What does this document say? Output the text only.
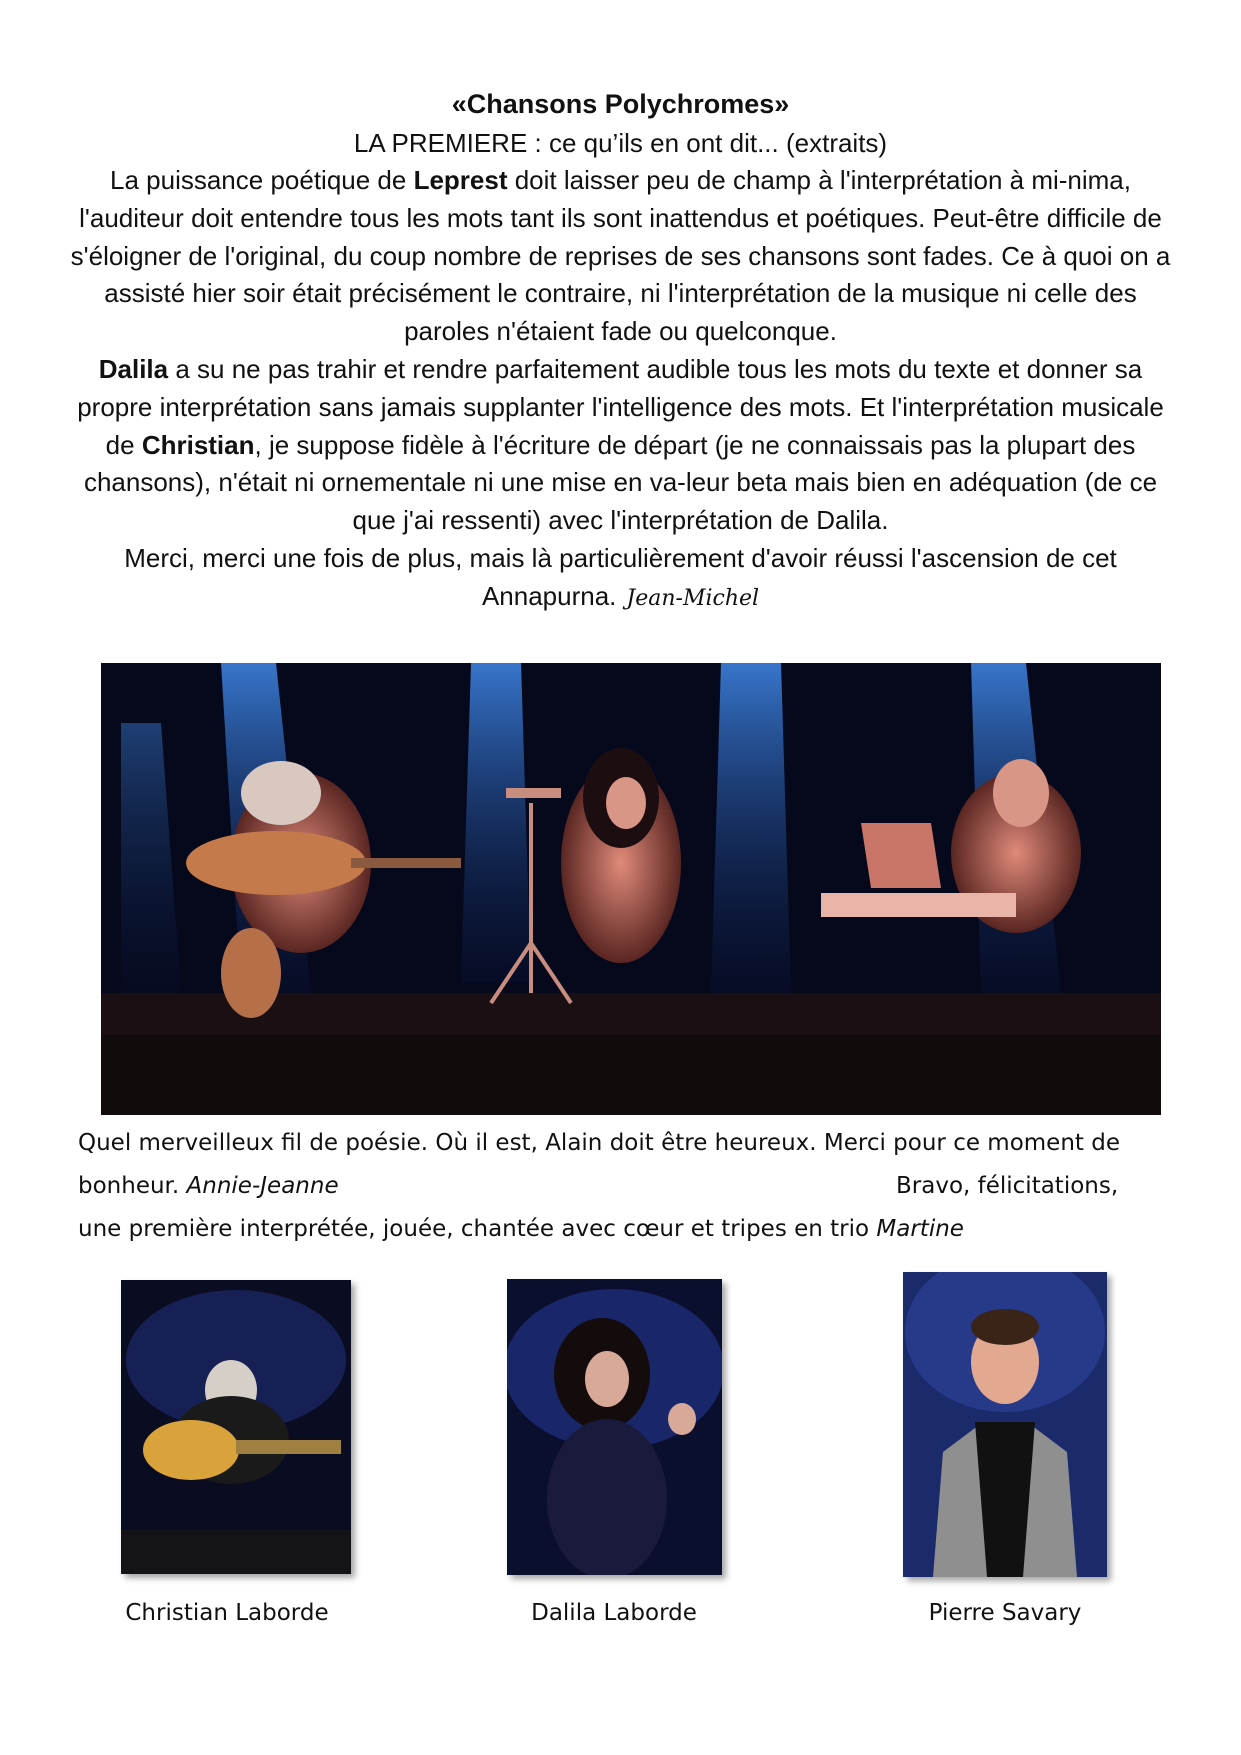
«Chansons Polychromes»
LA PREMIERE : ce qu’ils en ont dit... (extraits)
La puissance poétique de Leprest doit laisser peu de champ à l'interprétation à mi-nima, l'auditeur doit entendre tous les mots tant ils sont inattendus et poétiques. Peut-être difficile de s'éloigner de l'original, du coup nombre de reprises de ses chansons sont fades. Ce à quoi on a assisté hier soir était précisément le contraire, ni l'interprétation de la musique ni celle des paroles n'étaient fade ou quelconque.
Dalila a su ne pas trahir et rendre parfaitement audible tous les mots du texte et donner sa propre interprétation sans jamais supplanter l'intelligence des mots. Et l'interprétation musicale de Christian, je suppose fidèle à l'écriture de départ (je ne connaissais pas la plupart des chansons), n'était ni ornementale ni une mise en va-leur beta mais bien en adéquation (de ce que j'ai ressenti) avec l'interprétation de Dalila.
Merci, merci une fois de plus, mais là particulièrement d'avoir réussi l'ascension de cet Annapurna. Jean-Michel
Quel merveilleux fil de poésie. Où il est, Alain doit être heureux. Merci pour ce moment de
bonheur. Annie-Jeanne	Bravo, félicitations,
une première interprétée, jouée, chantée avec cœur et tripes en trio Martine
Christian Laborde	Dalila Laborde	Pierre Savary
